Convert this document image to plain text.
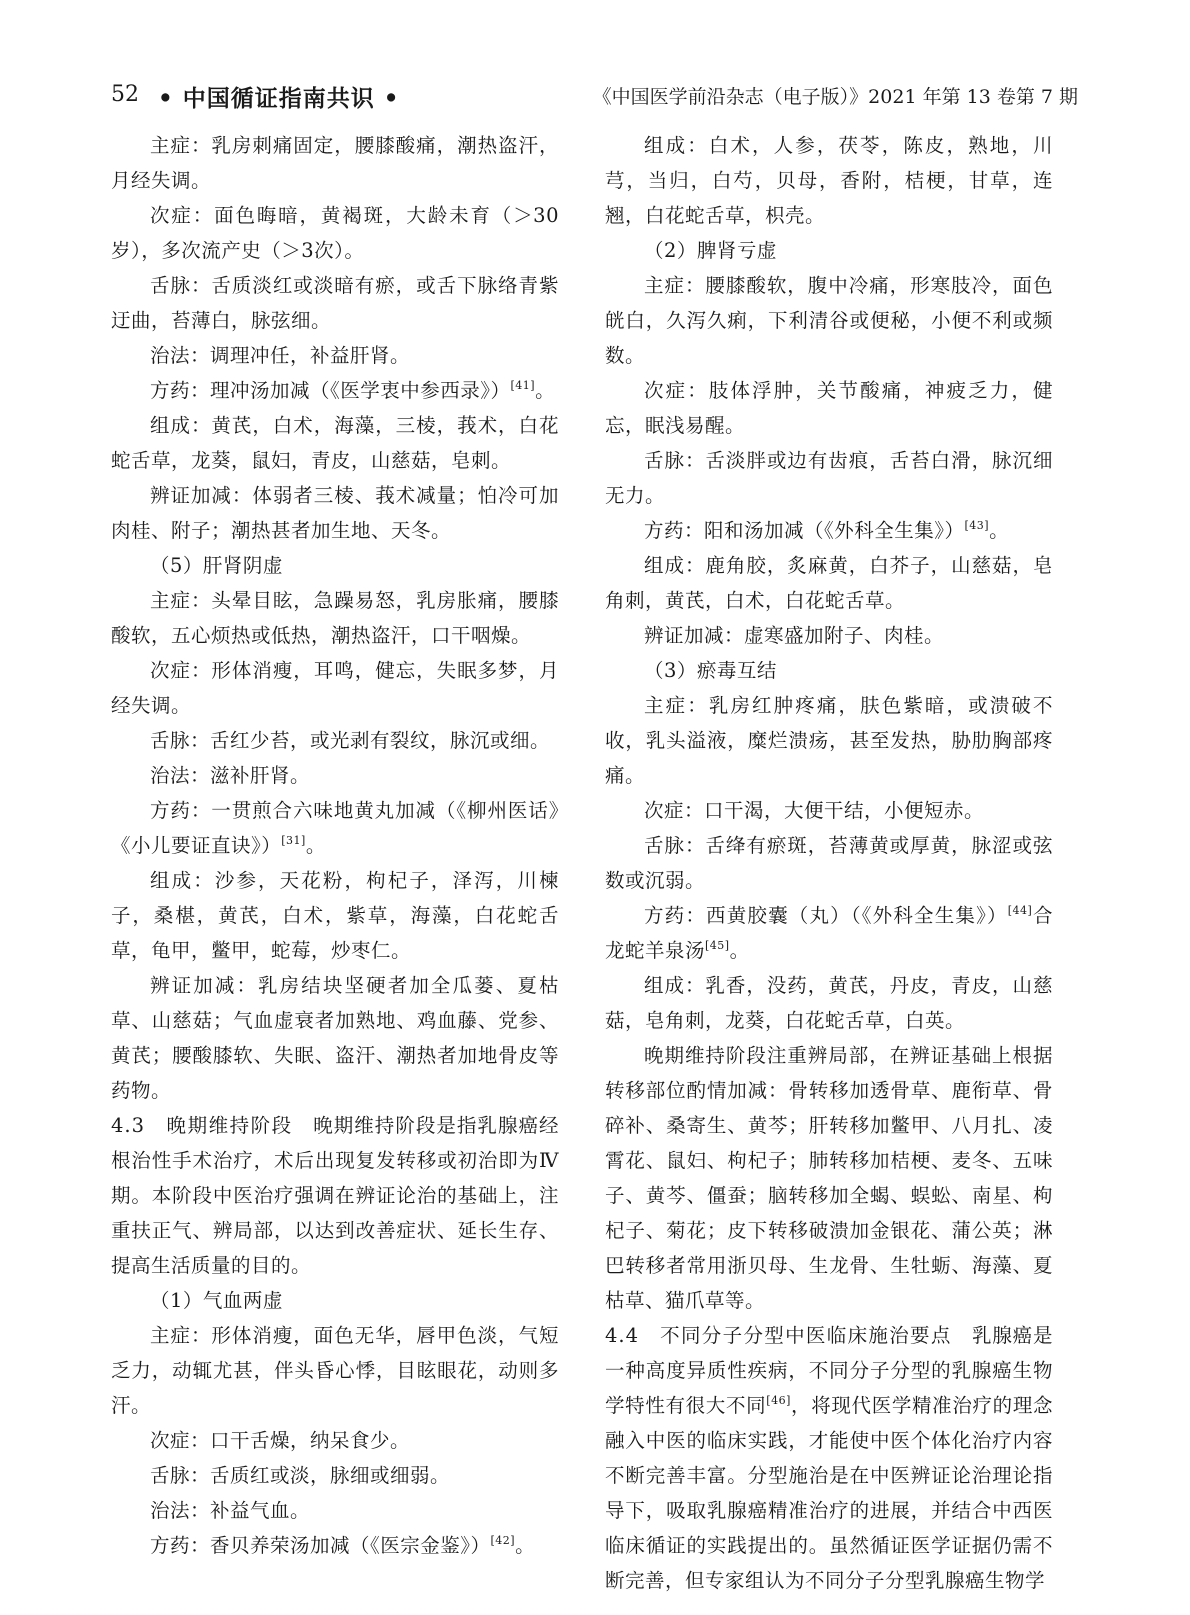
52 • 中国循证指南共识 •	《中国医学前沿杂志（电子版）》2021 年第 13 卷第 7 期

主症：乳房刺痛固定，腰膝酸痛，潮热盗汗，月经失调。

次症：面色晦暗，黄褐斑，大龄未育（＞30岁），多次流产史（＞3次）。

舌脉：舌质淡红或淡暗有瘀，或舌下脉络青紫迂曲，苔薄白，脉弦细。

治法：调理冲任，补益肝肾。

方药：理冲汤加减（《医学衷中参西录》）[41]。

组成：黄芪，白术，海藻，三棱，莪术，白花蛇舌草，龙葵，鼠妇，青皮，山慈菇，皂刺。

辨证加减：体弱者三棱、莪术减量；怕冷可加肉桂、附子；潮热甚者加生地、天冬。

（5）肝肾阴虚

主症：头晕目眩，急躁易怒，乳房胀痛，腰膝酸软，五心烦热或低热，潮热盗汗，口干咽燥。

次症：形体消瘦，耳鸣，健忘，失眠多梦，月经失调。

舌脉：舌红少苔，或光剥有裂纹，脉沉或细。

治法：滋补肝肾。

方药：一贯煎合六味地黄丸加减（《柳州医话》《小儿要证直诀》）[31]。

组成：沙参，天花粉，枸杞子，泽泻，川楝子，桑椹，黄芪，白术，紫草，海藻，白花蛇舌草，龟甲，鳖甲，蛇莓，炒枣仁。

辨证加减：乳房结块坚硬者加全瓜蒌、夏枯草、山慈菇；气血虚衰者加熟地、鸡血藤、党参、黄芪；腰酸膝软、失眠、盗汗、潮热者加地骨皮等药物。

4.3　晚期维持阶段　晚期维持阶段是指乳腺癌经根治性手术治疗，术后出现复发转移或初治即为Ⅳ期。本阶段中医治疗强调在辨证论治的基础上，注重扶正气、辨局部，以达到改善症状、延长生存、提高生活质量的目的。

（1）气血两虚

主症：形体消瘦，面色无华，唇甲色淡，气短乏力，动辄尤甚，伴头昏心悸，目眩眼花，动则多汗。

次症：口干舌燥，纳呆食少。

舌脉：舌质红或淡，脉细或细弱。

治法：补益气血。

方药：香贝养荣汤加减（《医宗金鉴》）[42]。

组成：白术，人参，茯苓，陈皮，熟地，川芎，当归，白芍，贝母，香附，桔梗，甘草，连翘，白花蛇舌草，枳壳。

（2）脾肾亏虚

主症：腰膝酸软，腹中冷痛，形寒肢冷，面色㿠白，久泻久痢，下利清谷或便秘，小便不利或频数。

次症：肢体浮肿，关节酸痛，神疲乏力，健忘，眠浅易醒。

舌脉：舌淡胖或边有齿痕，舌苔白滑，脉沉细无力。

方药：阳和汤加减（《外科全生集》）[43]。

组成：鹿角胶，炙麻黄，白芥子，山慈菇，皂角刺，黄芪，白术，白花蛇舌草。

辨证加减：虚寒盛加附子、肉桂。

（3）瘀毒互结

主症：乳房红肿疼痛，肤色紫暗，或溃破不收，乳头溢液，糜烂溃疡，甚至发热，胁肋胸部疼痛。

次症：口干渴，大便干结，小便短赤。

舌脉：舌绛有瘀斑，苔薄黄或厚黄，脉涩或弦数或沉弱。

方药：西黄胶囊（丸）（《外科全生集》）[44]合龙蛇羊泉汤[45]。

组成：乳香，没药，黄芪，丹皮，青皮，山慈菇，皂角刺，龙葵，白花蛇舌草，白英。

晚期维持阶段注重辨局部，在辨证基础上根据转移部位酌情加减：骨转移加透骨草、鹿衔草、骨碎补、桑寄生、黄芩；肝转移加鳖甲、八月扎、凌霄花、鼠妇、枸杞子；肺转移加桔梗、麦冬、五味子、黄芩、僵蚕；脑转移加全蝎、蜈蚣、南星、枸杞子、菊花；皮下转移破溃加金银花、蒲公英；淋巴转移者常用浙贝母、生龙骨、生牡蛎、海藻、夏枯草、猫爪草等。

4.4　不同分子分型中医临床施治要点　乳腺癌是一种高度异质性疾病，不同分子分型的乳腺癌生物学特性有很大不同[46]，将现代医学精准治疗的理念融入中医的临床实践，才能使中医个体化治疗内容不断完善丰富。分型施治是在中医辨证论治理论指导下，吸取乳腺癌精准治疗的进展，并结合中西医临床循证的实践提出的。虽然循证医学证据仍需不断完善，但专家组认为不同分子分型乳腺癌生物学
